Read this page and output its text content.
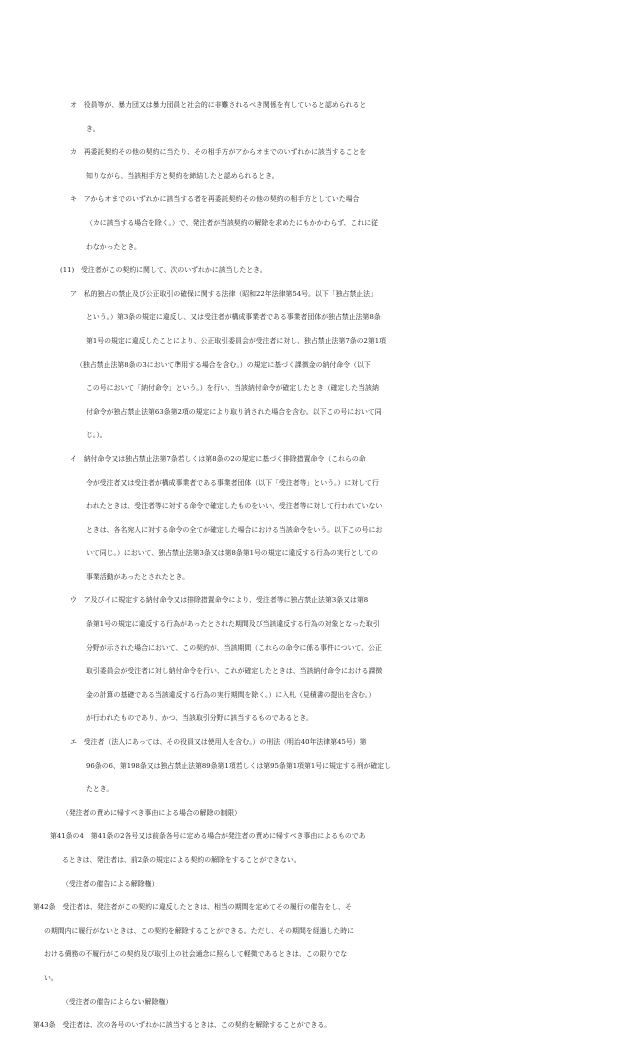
オ　役員等が、暴力団又は暴力団員と社会的に非難されるべき関係を有していると認められると
き。
カ　再委託契約その他の契約に当たり、その相手方がアからオまでのいずれかに該当することを
知りながら、当該相手方と契約を締結したと認められるとき。
キ　アからオまでのいずれかに該当する者を再委託契約その他の契約の相手方としていた場合
（カに該当する場合を除く。）で、発注者が当該契約の解除を求めたにもかかわらず、これに従
わなかったとき。
(11)　受注者がこの契約に関して、次のいずれかに該当したとき。
ア　私的独占の禁止及び公正取引の確保に関する法律（昭和22年法律第54号。以下「独占禁止法」
という。）第3条の規定に違反し、又は受注者が構成事業者である事業者団体が独占禁止法第8条
第1号の規定に違反したことにより、公正取引委員会が受注者に対し、独占禁止法第7条の2第1項
（独占禁止法第8条の3において準用する場合を含む。）の規定に基づく課徴金の納付命令（以下
この号において「納付命令」という。）を行い、当該納付命令が確定したとき（確定した当該納
付命令が独占禁止法第63条第2項の規定により取り消された場合を含む。以下この号において同
じ。）。
イ　納付命令又は独占禁止法第7条若しくは第8条の2の規定に基づく排除措置命令（これらの命
令が受注者又は受注者が構成事業者である事業者団体（以下「受注者等」という。）に対して行
われたときは、受注者等に対する命令で確定したものをいい、受注者等に対して行われていない
ときは、各名宛人に対する命令の全てが確定した場合における当該命令をいう。以下この号にお
いて同じ。）において、独占禁止法第3条又は第8条第1号の規定に違反する行為の実行としての
事業活動があったとされたとき。
ウ　ア及びイに規定する納付命令又は排除措置命令により、受注者等に独占禁止法第3条又は第8
条第1号の規定に違反する行為があったとされた期間及び当該違反する行為の対象となった取引
分野が示された場合において、この契約が、当該期間（これらの命令に係る事件について、公正
取引委員会が受注者に対し納付命令を行い、これが確定したときは、当該納付命令における課徴
金の計算の基礎である当該違反する行為の実行期間を除く。）に入札（見積書の提出を含む。）
が行われたものであり、かつ、当該取引分野に該当するものであるとき。
エ　受注者（法人にあっては、その役員又は使用人を含む。）の刑法（明治40年法律第45号）第
96条の6、第198条又は独占禁止法第89条第1項若しくは第95条第1項第1号に規定する刑が確定し
たとき。
（発注者の責めに帰すべき事由による場合の解除の制限）
第41条の4　第41条の2各号又は前条各号に定める場合が発注者の責めに帰すべき事由によるものであ
るときは、発注者は、前2条の規定による契約の解除をすることができない。
（受注者の催告による解除権）
第42条　受注者は、発注者がこの契約に違反したときは、相当の期間を定めてその履行の催告をし、そ
の期間内に履行がないときは、この契約を解除することができる。ただし、その期間を経過した時に
おける債務の不履行がこの契約及び取引上の社会通念に照らして軽微であるときは、この限りでな
い。
（受注者の催告によらない解除権）
第43条　受注者は、次の各号のいずれかに該当するときは、この契約を解除することができる。
